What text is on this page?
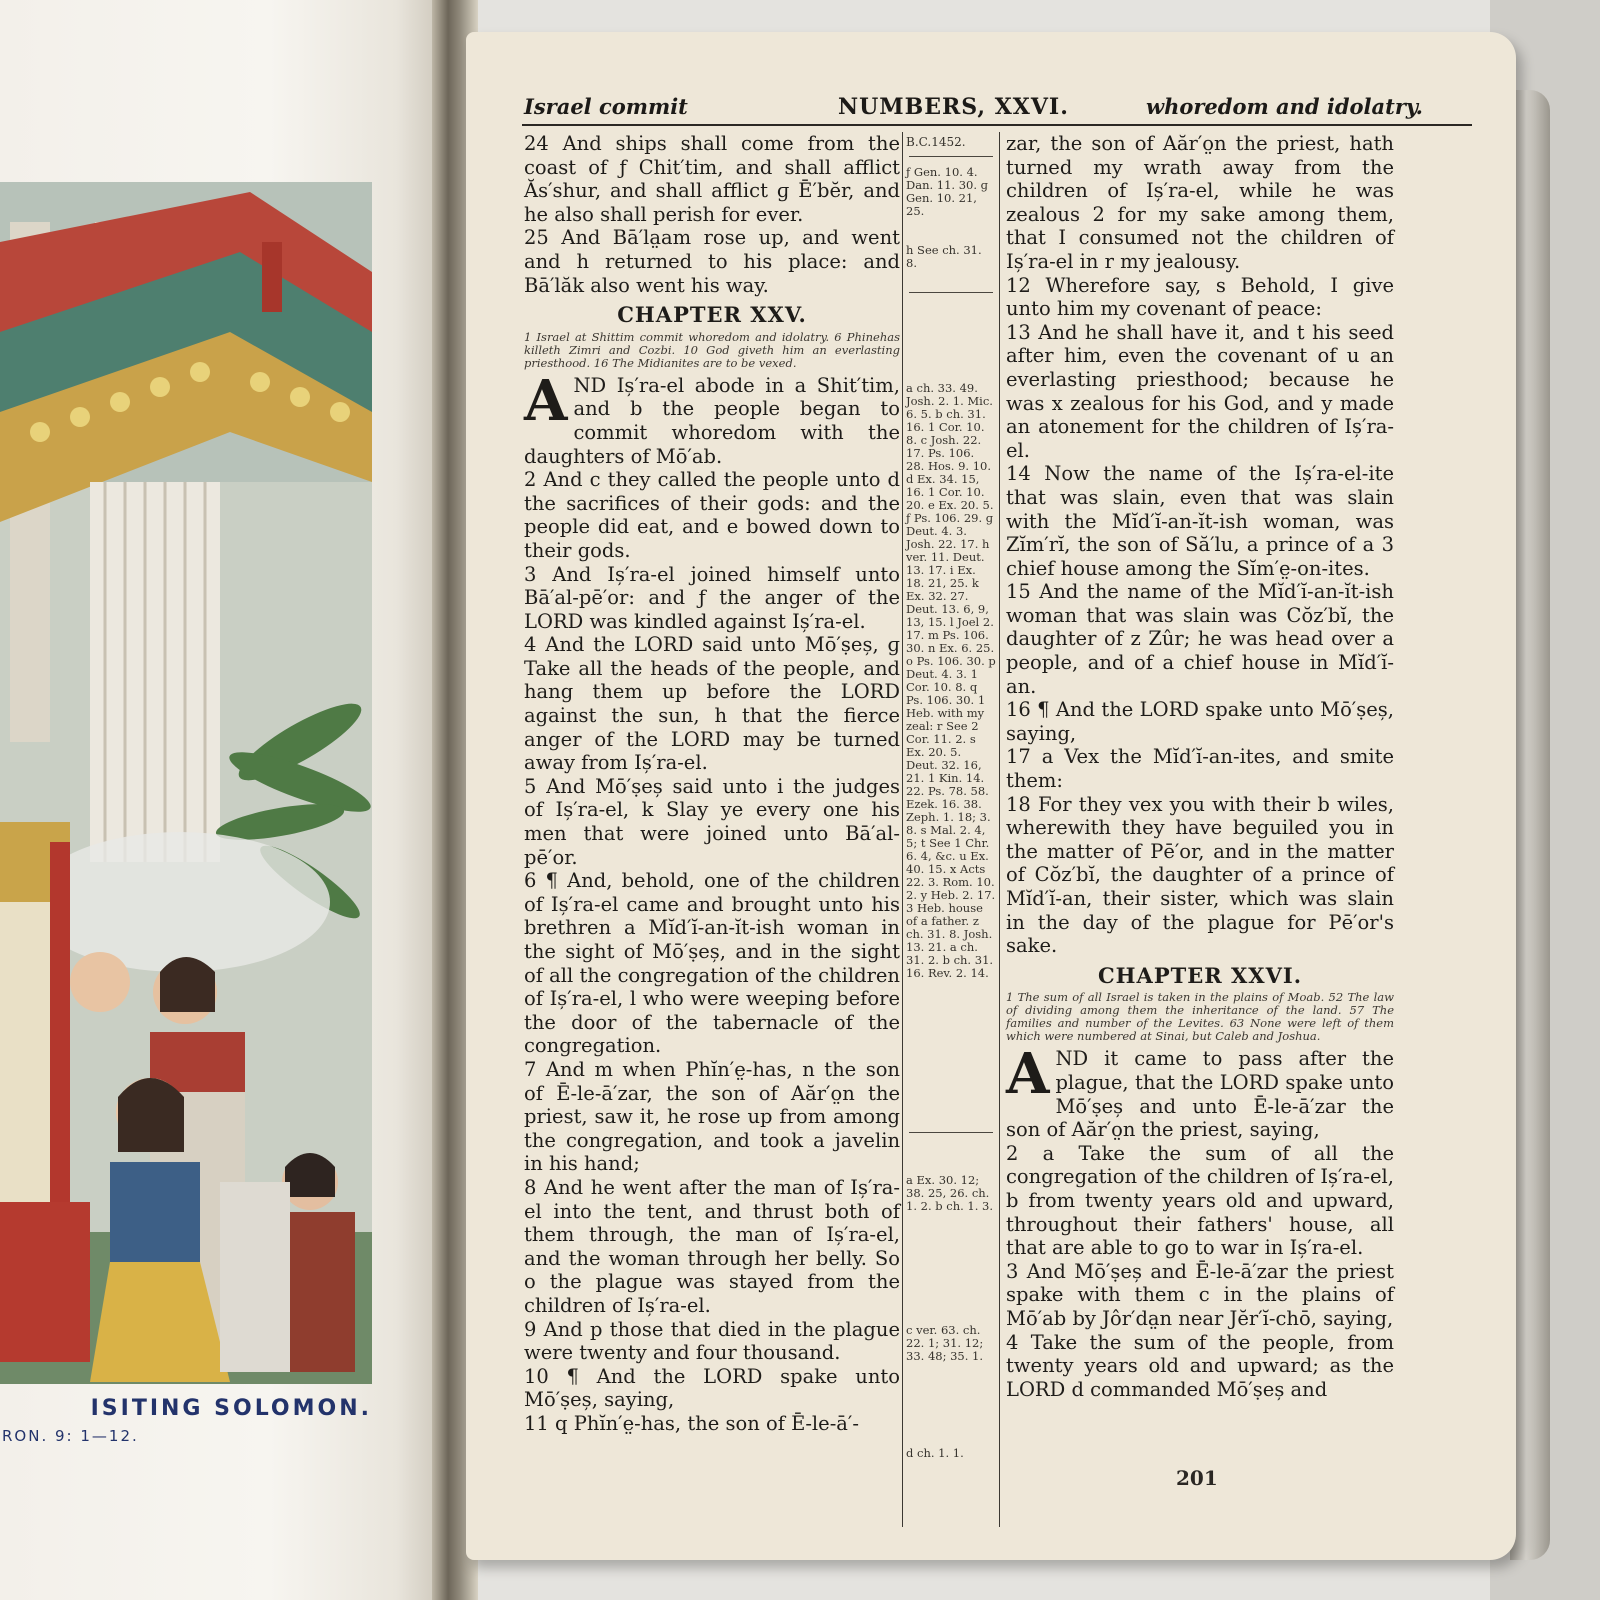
ISITING SOLOMON.
RON. 9: 1—12.
Israel commit	NUMBERS, XXVI.	whoredom and idolatry.

24 And ships shall come from the coast of ƒ Chit′tim, and shall afflict Ăs′shur, and shall afflict ɡ Ē′bĕr, and he also shall perish for ever.

25 And Bā′la̤am rose up, and went and h returned to his place: and Bā′lăk also went his way.

CHAPTER XXV.

1 Israel at Shittim commit whoredom and idolatry. 6 Phinehas killeth Zimri and Cozbi. 10 God giveth him an everlasting priesthood. 16 The Midianites are to be vexed.

AND Iș′ra-el abode in a Shit′tim, and b the people began to commit whoredom with the daughters of Mō′ab.

2 And c they called the people unto d the sacrifices of their gods: and the people did eat, and e bowed down to their gods.

3 And Iș′ra-el joined himself unto Bā′al-pē′or: and ƒ the anger of the LORD was kindled against Iș′ra-el.

4 And the LORD said unto Mō′ṣeș, ɡ Take all the heads of the people, and hang them up before the LORD against the sun, h that the fierce anger of the LORD may be turned away from Iș′ra-el.

5 And Mō′ṣeș said unto i the judges of Iș′ra-el, k Slay ye every one his men that were joined unto Bā′al-pē′or.

6 ¶ And, behold, one of the children of Iș′ra-el came and brought unto his brethren a Mĭd′ĭ-an-ĭt-ish woman in the sight of Mō′ṣeș, and in the sight of all the congregation of the children of Iș′ra-el, l who were weeping before the door of the tabernacle of the congregation.

7 And m when Phĭn′e̤-has, n the son of Ē-le-ā′zar, the son of Aăr′o̤n the priest, saw it, he rose up from among the congregation, and took a javelin in his hand;

8 And he went after the man of Iș′ra-el into the tent, and thrust both of them through, the man of Iș′ra-el, and the woman through her belly. So o the plague was stayed from the children of Iș′ra-el.

9 And p those that died in the plague were twenty and four thousand.

10 ¶ And the LORD spake unto Mō′ṣeș, saying,

11 q Phĭn′e̤-has, the son of Ē-le-ā′-

B.C.1452.
ƒ Gen. 10. 4. Dan. 11. 30. ɡ Gen. 10. 21, 25.
h See ch. 31. 8.
a ch. 33. 49. Josh. 2. 1. Mic. 6. 5. b ch. 31. 16. 1 Cor. 10. 8. c Josh. 22. 17. Ps. 106. 28. Hos. 9. 10. d Ex. 34. 15, 16. 1 Cor. 10. 20. e Ex. 20. 5. ƒ Ps. 106. 29. ɡ Deut. 4. 3. Josh. 22. 17. h ver. 11. Deut. 13. 17. i Ex. 18. 21, 25. k Ex. 32. 27. Deut. 13. 6, 9, 13, 15. l Joel 2. 17. m Ps. 106. 30. n Ex. 6. 25. o Ps. 106. 30. p Deut. 4. 3. 1 Cor. 10. 8. q Ps. 106. 30. 1 Heb. with my zeal: r See 2 Cor. 11. 2. s Ex. 20. 5. Deut. 32. 16, 21. 1 Kin. 14. 22. Ps. 78. 58. Ezek. 16. 38. Zeph. 1. 18; 3. 8. s Mal. 2. 4, 5; t See 1 Chr. 6. 4, &c. u Ex. 40. 15. x Acts 22. 3. Rom. 10. 2. y Heb. 2. 17. 3 Heb. house of a father. z ch. 31. 8. Josh. 13. 21. a ch. 31. 2. b ch. 31. 16. Rev. 2. 14.
a Ex. 30. 12; 38. 25, 26. ch. 1. 2. b ch. 1. 3.
c ver. 63. ch. 22. 1; 31. 12; 33. 48; 35. 1.
d ch. 1. 1.

zar, the son of Aăr′o̤n the priest, hath turned my wrath away from the children of Iș′ra-el, while he was zealous 2 for my sake among them, that I consumed not the children of Iș′ra-el in r my jealousy.

12 Wherefore say, s Behold, I give unto him my covenant of peace:

13 And he shall have it, and t his seed after him, even the covenant of u an everlasting priesthood; because he was x zealous for his God, and y made an atonement for the children of Iș′ra-el.

14 Now the name of the Iș′ra-el-ite that was slain, even that was slain with the Mĭd′ĭ-an-ĭt-ish woman, was Zĭm′rĭ, the son of Să′lu, a prince of a 3 chief house among the Sĭm′e̤-on-ites.

15 And the name of the Mĭd′ĭ-an-ĭt-ish woman that was slain was Cŏz′bĭ, the daughter of z Zûr; he was head over a people, and of a chief house in Mĭd′ĭ-an.

16 ¶ And the LORD spake unto Mō′ṣeș, saying,

17 a Vex the Mĭd′ĭ-an-ites, and smite them:

18 For they vex you with their b wiles, wherewith they have beguiled you in the matter of Pē′or, and in the matter of Cŏz′bĭ, the daughter of a prince of Mĭd′ĭ-an, their sister, which was slain in the day of the plague for Pē′or's sake.

CHAPTER XXVI.

1 The sum of all Israel is taken in the plains of Moab. 52 The law of dividing among them the inheritance of the land. 57 The families and number of the Levites. 63 None were left of them which were numbered at Sinai, but Caleb and Joshua.

AND it came to pass after the plague, that the LORD spake unto Mō′ṣeș and unto Ē-le-ā′zar the son of Aăr′o̤n the priest, saying,

2 a Take the sum of all the congregation of the children of Iș′ra-el, b from twenty years old and upward, throughout their fathers' house, all that are able to go to war in Iș′ra-el.

3 And Mō′ṣeș and Ē-le-ā′zar the priest spake with them c in the plains of Mō′ab by Jôr′da̤n near Jĕr′ĭ-chō, saying,

4 Take the sum of the people, from twenty years old and upward; as the LORD d commanded Mō′ṣeș and

201
